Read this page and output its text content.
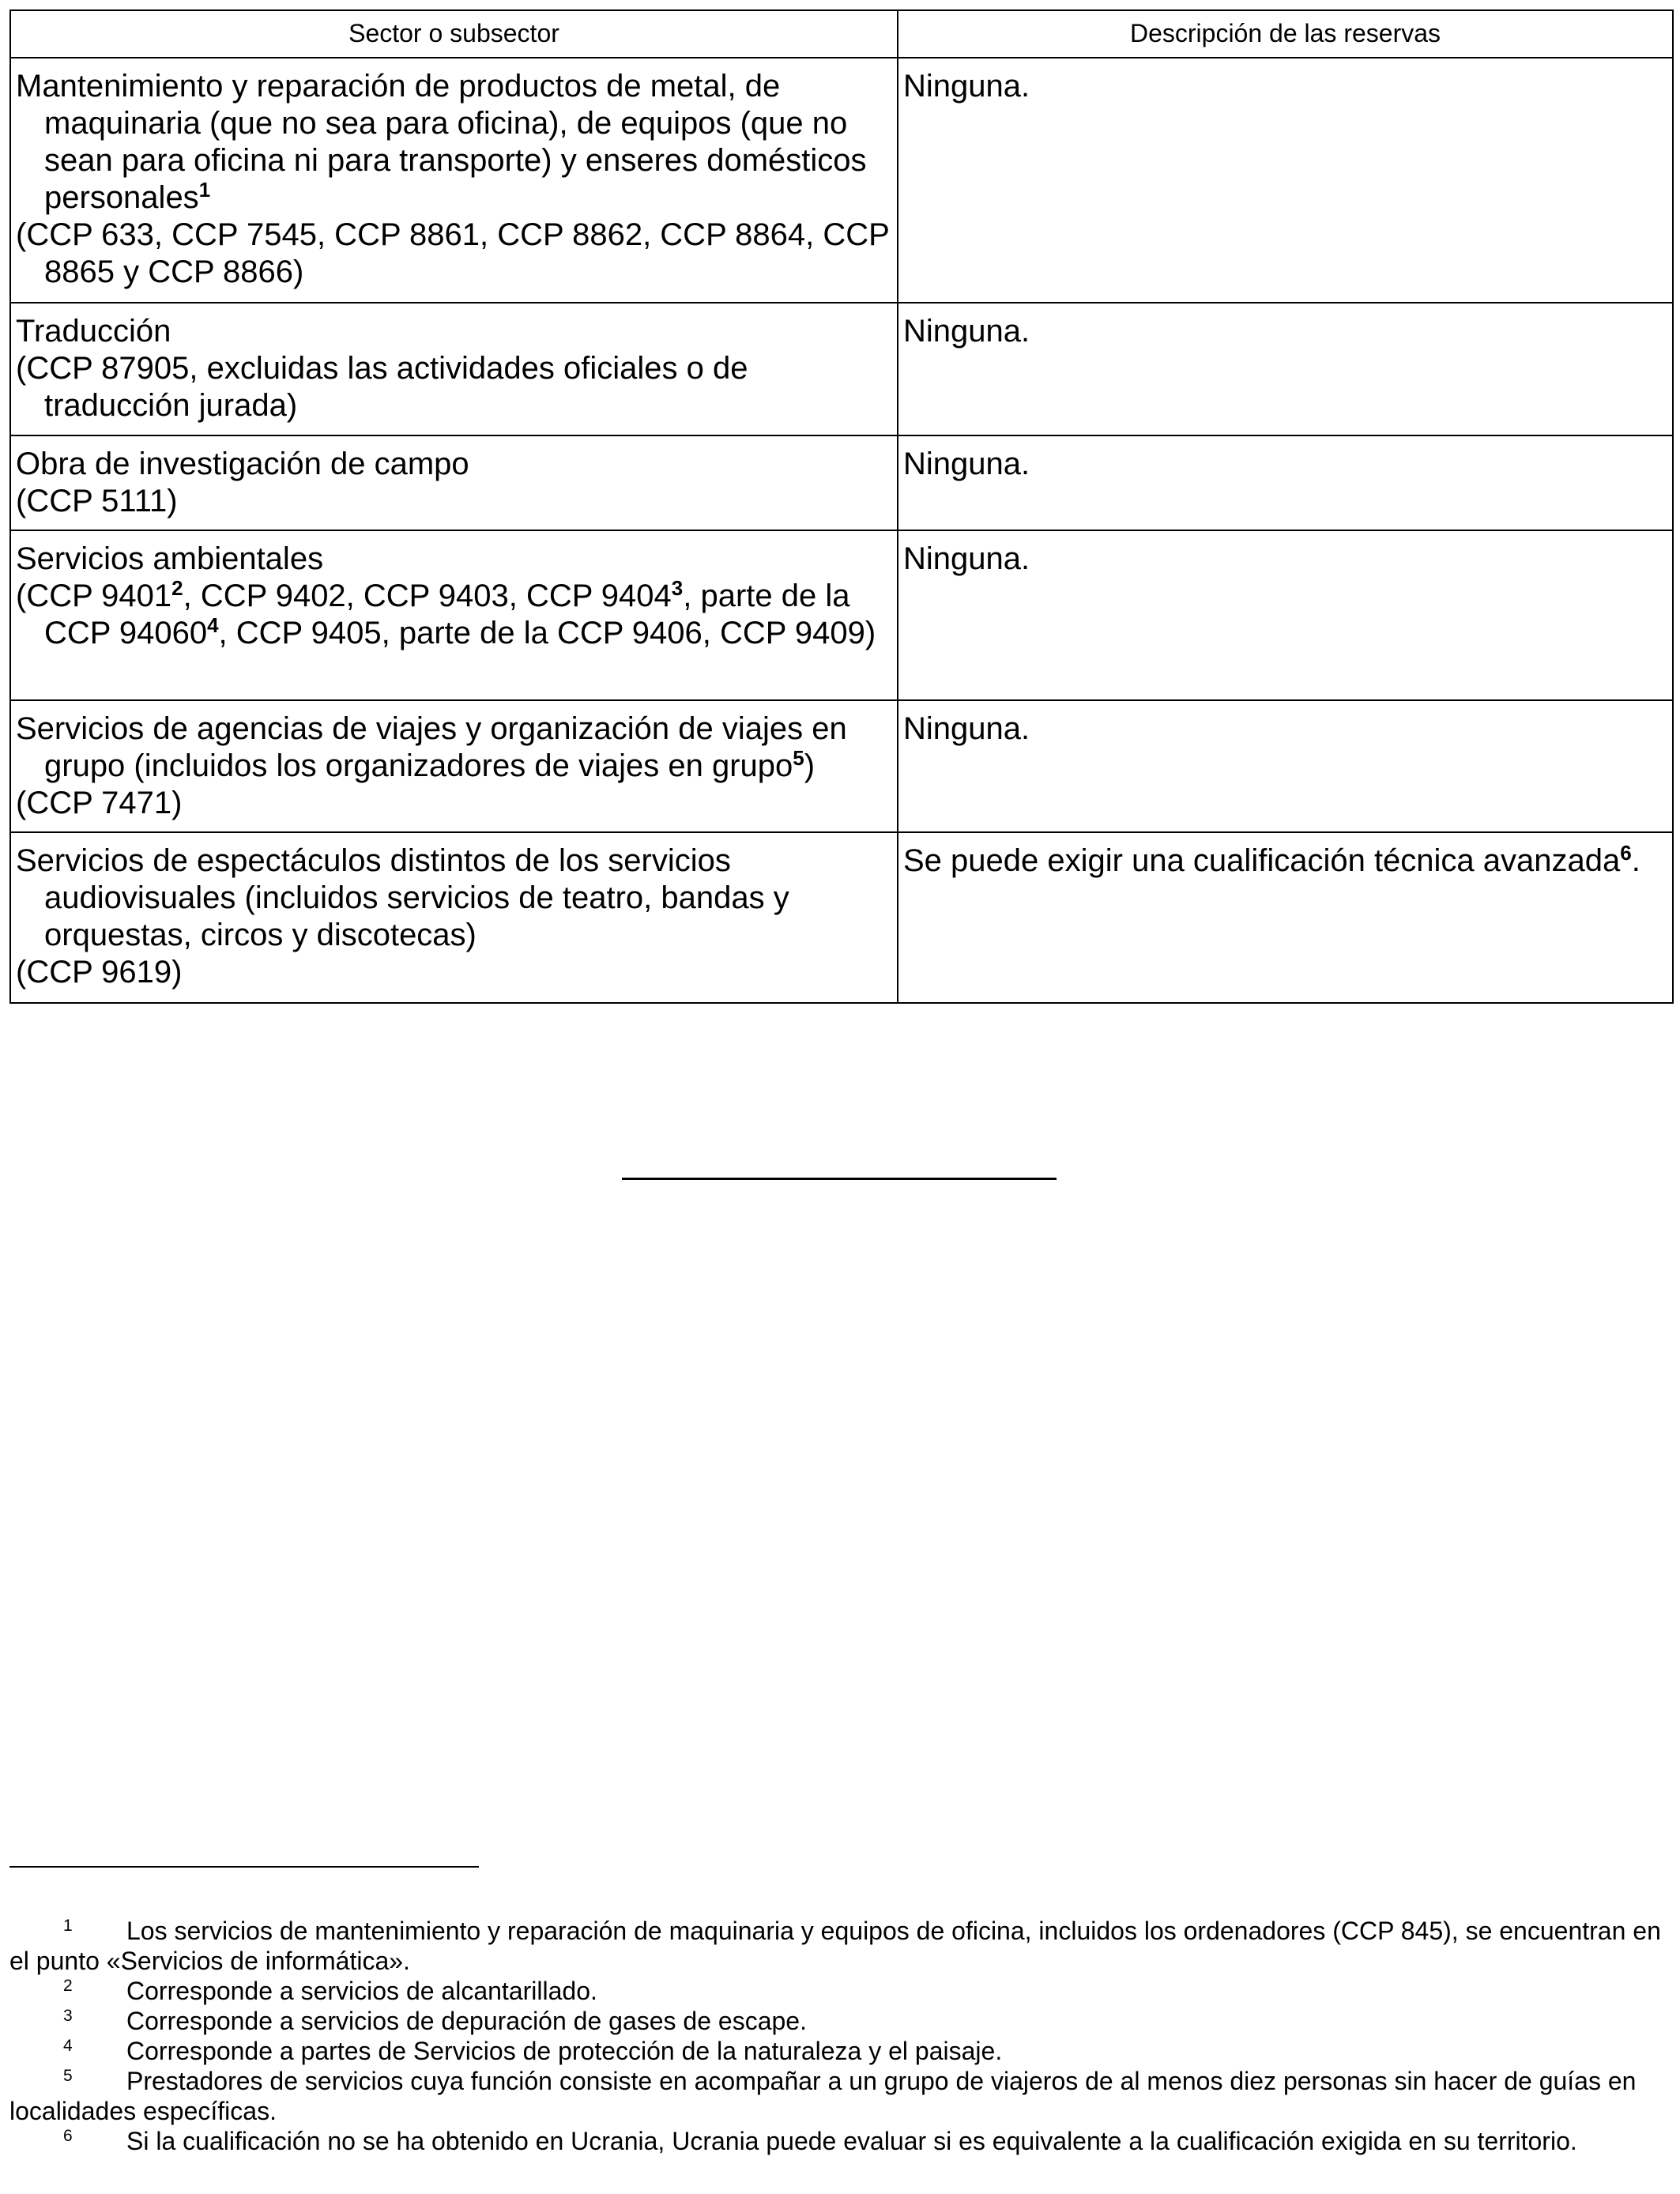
Sector o subsector	Descripción de las reservas

Mantenimiento y reparación de productos de metal, de maquinaria (que no sea para oficina), de equipos (que no sean para oficina ni para transporte) y enseres domésticos personales$^1$
(CCP 633, CCP 7545, CCP 8861, CCP 8862, CCP 8864, CCP 8865 y CCP 8866)	Ninguna.

Traducción
(CCP 87905, excluidas las actividades oficiales o de traducción jurada)	Ninguna.

Obra de investigación de campo
(CCP 5111)	Ninguna.

Servicios ambientales
(CCP 9401$^2$, CCP 9402, CCP 9403, CCP 9404$^3$, parte de la CCP 94060$^4$, CCP 9405, parte de la CCP 9406, CCP 9409)	Ninguna.

Servicios de agencias de viajes y organización de viajes en grupo (incluidos los organizadores de viajes en grupo$^5$)
(CCP 7471)	Ninguna.

Servicios de espectáculos distintos de los servicios audiovisuales (incluidos servicios de teatro, bandas y orquestas, circos y discotecas)
(CCP 9619)	Se puede exigir una cualificación técnica avanzada$^6$.

1 Los servicios de mantenimiento y reparación de maquinaria y equipos de oficina, incluidos los ordenadores (CCP 845), se encuentran en el punto «Servicios de informática».

2 Corresponde a servicios de alcantarillado.

3 Corresponde a servicios de depuración de gases de escape.

4 Corresponde a partes de Servicios de protección de la naturaleza y el paisaje.

5 Prestadores de servicios cuya función consiste en acompañar a un grupo de viajeros de al menos diez personas sin hacer de guías en localidades específicas.

6 Si la cualificación no se ha obtenido en Ucrania, Ucrania puede evaluar si es equivalente a la cualificación exigida en su territorio.
